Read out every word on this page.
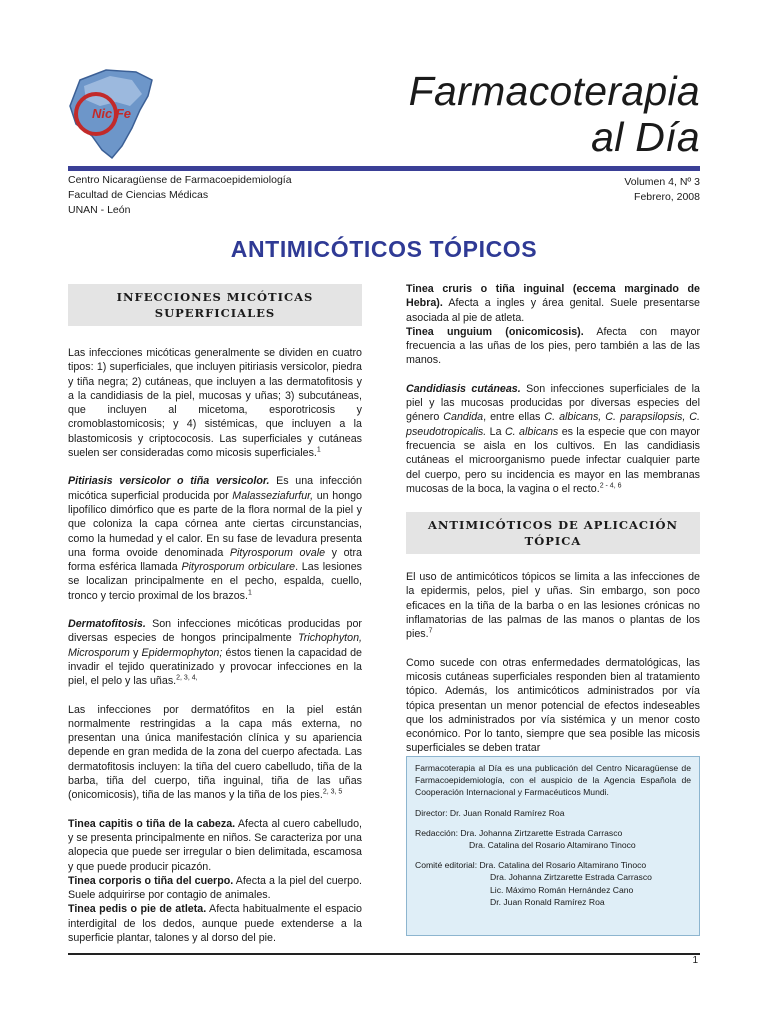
Nic Fe	Farmacoterapia
al Día
Centro Nicaragüense de Farmacoepidemiología
Facultad de Ciencias Médicas
UNAN - León
Volumen 4, Nº 3
Febrero, 2008
ANTIMICÓTICOS TÓPICOS
INFECCIONES MICÓTICAS
SUPERFICIALES

Las infecciones micóticas generalmente se dividen en cuatro tipos: 1) superficiales, que incluyen pitiriasis versicolor, piedra y tiña negra; 2) cutáneas, que incluyen a las dermatofitosis y a la candidiasis de la piel, mucosas y uñas; 3) subcutáneas, que incluyen al micetoma, esporotricosis y cromoblastomicosis; y 4) sistémicas, que incluyen a la blastomicosis y criptococosis. Las superficiales y cutáneas suelen ser consideradas como micosis superficiales.$^1$

Pitiriasis versicolor o tiña versicolor. Es una infección micótica superficial producida por Malasseziafurfur, un hongo lipofílico dimórfico que es parte de la flora normal de la piel y que coloniza la capa córnea ante ciertas circunstancias, como la humedad y el calor. En su fase de levadura presenta una forma ovoide denominada Pityrosporum ovale y otra forma esférica llamada Pityrosporum orbiculare. Las lesiones se localizan principalmente en el pecho, espalda, cuello, tronco y tercio proximal de los brazos.$^1$

Dermatofitosis. Son infecciones micóticas producidas por diversas especies de hongos principalmente Trichophyton, Microsporum y Epidermophyton; éstos tienen la capacidad de invadir el tejido queratinizado y provocar infecciones en la piel, el pelo y las uñas.$^{2, 3, 4,}$

Las infecciones por dermatófitos en la piel están normalmente restringidas a la capa más externa, no presentan una única manifestación clínica y su apariencia depende en gran medida de la zona del cuerpo afectada. Las dermatofitosis incluyen: la tiña del cuero cabelludo, tiña de la barba, tiña del cuerpo, tiña inguinal, tiña de las uñas (onicomicosis), tiña de las manos y la tiña de los pies.$^{2, 3, 5}$

Tinea capitis o tiña de la cabeza. Afecta al cuero cabelludo, y se presenta principalmente en niños. Se caracteriza por una alopecia que puede ser irregular o bien delimitada, escamosa y que puede producir picazón.

Tinea corporis o tiña del cuerpo. Afecta a la piel del cuerpo. Suele adquirirse por contagio de animales.

Tinea pedis o pie de atleta. Afecta habitualmente el espacio interdigital de los dedos, aunque puede extenderse a la superficie plantar, talones y al dorso del pie.

Tinea cruris o tiña inguinal (eccema marginado de Hebra). Afecta a ingles y área genital. Suele presentarse asociada al pie de atleta.

Tinea unguium (onicomicosis). Afecta con mayor frecuencia a las uñas de los pies, pero también a las de las manos.

Candidiasis cutáneas. Son infecciones superficiales de la piel y las mucosas producidas por diversas especies del género Candida, entre ellas C. albicans, C. parapsilopsis, C. pseudotropicalis. La C. albicans es la especie que con mayor frecuencia se aisla en los cultivos. En las candidiasis cutáneas el microorganismo puede infectar cualquier parte del cuerpo, pero su incidencia es mayor en las membranas mucosas de la boca, la vagina o el recto.$^{2 - 4, 6}$

ANTIMICÓTICOS DE APLICACIÓN
TÓPICA

El uso de antimicóticos tópicos se limita a las infecciones de la epidermis, pelos, piel y uñas. Sin embargo, son poco eficaces en la tiña de la barba o en las lesiones crónicas no inflamatorias de las palmas de las manos o plantas de los pies.$^7$

Como sucede con otras enfermedades dermatológicas, las micosis cutáneas superficiales responden bien al tratamiento tópico. Además, los antimicóticos administrados por vía tópica presentan un menor potencial de efectos indeseables que los administrados por vía sistémica y un menor costo económico. Por lo tanto, siempre que sea posible las micosis superficiales se deben tratar

Farmacoterapia al Día es una publicación del Centro Nicaragüense de Farmacoepidemiología, con el auspicio de la Agencia Española de Cooperación Internacional y Farmacéuticos Mundi.

Director: Dr. Juan Ronald Ramírez Roa

Redacción: Dra. Johanna Zirtzarette Estrada Carrasco

Dra. Catalina del Rosario Altamirano Tinoco

Comité editorial: Dra. Catalina del Rosario Altamirano Tinoco

Dra. Johanna Zirtzarette Estrada Carrasco

Lic. Máximo Román Hernández Cano

Dr. Juan Ronald Ramírez Roa

1
